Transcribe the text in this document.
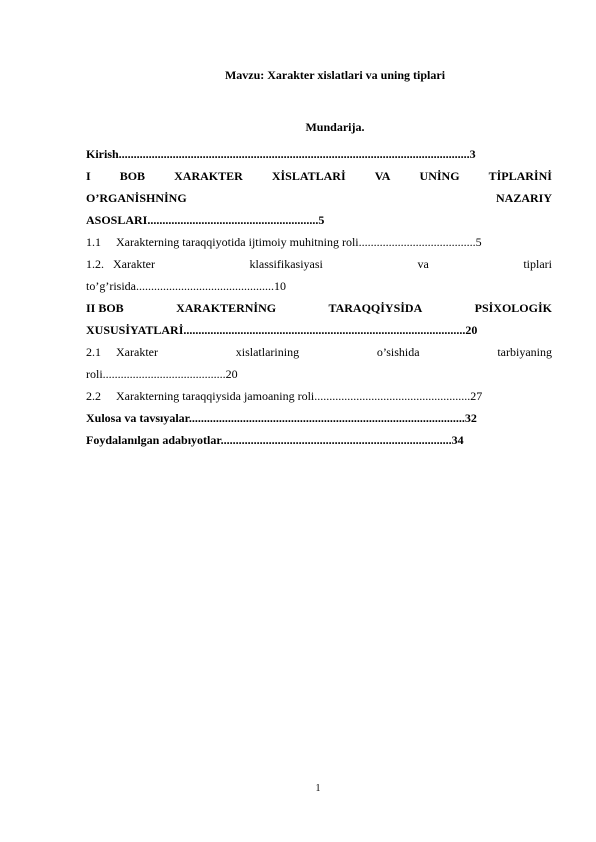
Mavzu: Xarakter xislatlari va uning tiplari
Mundarija.
Kirish.....................................................................................................................3
I BOB XARAKTER XİSLATLARİ VA UNİNG TİPLARİNİ
O’RGANİSHNİNG	NAZARIY
ASOSLARI.........................................................5
1.1     Xarakterning taraqqiyotida ijtimoiy muhitning roli.......................................5
1.2.   Xarakter	klassifikasiyasi	va	tiplari
to’g’risida..............................................10
II BOB	XARAKTERNİNG	TARAQQİYSİDA	PSİXOLOGİK
XUSUSİYATLARİ..............................................................................................20
2.1     Xarakter	xislatlarining	o’sishida	tarbiyaning
roli.........................................20
2.2     Xarakterning taraqqiysida jamoaning roli....................................................27
Xulosa va tavsıyalar............................................................................................32
Foydalanılgan adabıyotlar.............................................................................34
1
